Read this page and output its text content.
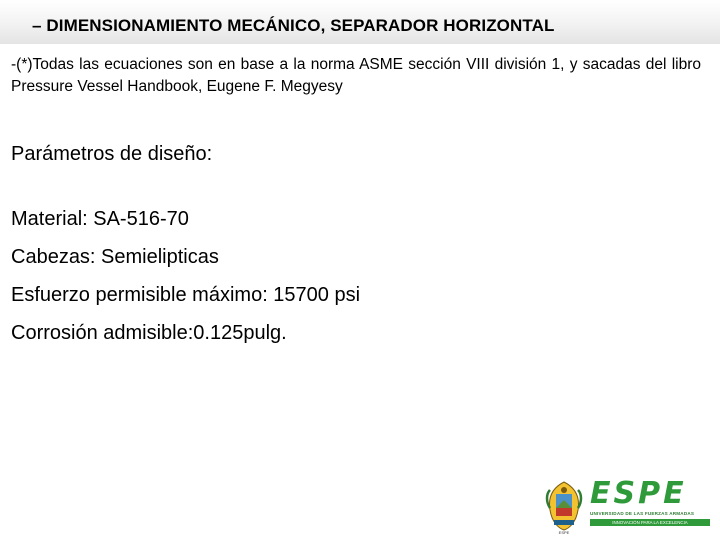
– DIMENSIONAMIENTO MECÁNICO, SEPARADOR HORIZONTAL
-(*)Todas las ecuaciones son en base a la norma ASME sección VIII división 1, y sacadas del libro Pressure Vessel Handbook, Eugene F. Megyesy
Parámetros de diseño:
Material: SA-516-70
Cabezas: Semielipticas
Esfuerzo permisible máximo: 15700 psi
Corrosión admisible:0.125pulg.
ESPE
ESPE
UNIVERSIDAD DE LAS FUERZAS ARMADAS
INNOVACIÓN PARA LA EXCELENCIA
